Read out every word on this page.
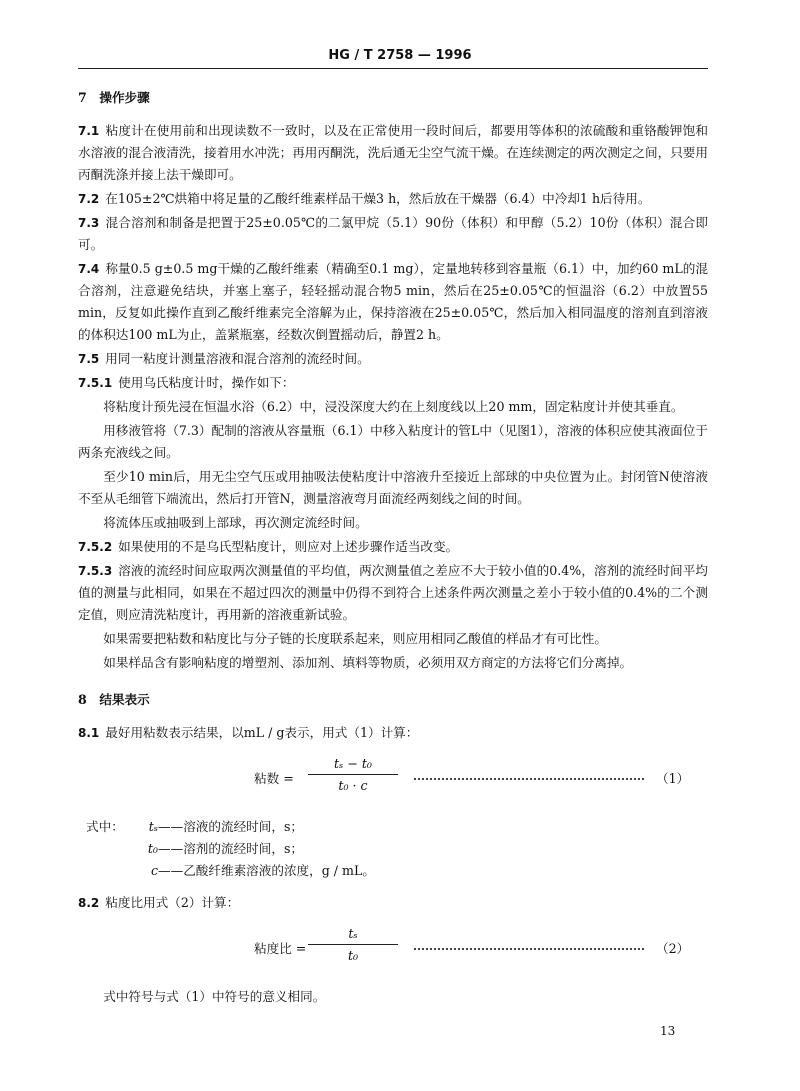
HG / T 2758 — 1996
7　操作步骤

7.1 粘度计在使用前和出现读数不一致时，以及在正常使用一段时间后，都要用等体积的浓硫酸和重铬酸钾饱和水溶液的混合液清洗，接着用水冲洗；再用丙酮洗，洗后通无尘空气流干燥。在连续测定的两次测定之间，只要用丙酮洗涤并接上法干燥即可。

7.2 在105±2℃烘箱中将足量的乙酸纤维素样品干燥3 h，然后放在干燥器（6.4）中冷却1 h后待用。

7.3 混合溶剂和制备是把置于25±0.05℃的二氯甲烷（5.1）90份（体积）和甲醇（5.2）10份（体积）混合即可。

7.4 称量0.5 g±0.5 mg干燥的乙酸纤维素（精确至0.1 mg），定量地转移到容量瓶（6.1）中，加约60 mL的混合溶剂，注意避免结块，并塞上塞子，轻轻摇动混合物5 min，然后在25±0.05℃的恒温浴（6.2）中放置55 min，反复如此操作直到乙酸纤维素完全溶解为止，保持溶液在25±0.05℃，然后加入相同温度的溶剂直到溶液的体积达100 mL为止，盖紧瓶塞，经数次倒置摇动后，静置2 h。

7.5 用同一粘度计测量溶液和混合溶剂的流经时间。

7.5.1 使用乌氏粘度计时，操作如下：

将粘度计预先浸在恒温水浴（6.2）中，浸没深度大约在上刻度线以上20 mm，固定粘度计并使其垂直。

用移液管将（7.3）配制的溶液从容量瓶（6.1）中移入粘度计的管L中（见图1），溶液的体积应使其液面位于两条充液线之间。

至少10 min后，用无尘空气压或用抽吸法使粘度计中溶液升至接近上部球的中央位置为止。封闭管N使溶液不至从毛细管下端流出，然后打开管N，测量溶液弯月面流经两刻线之间的时间。

将流体压或抽吸到上部球，再次测定流经时间。

7.5.2 如果使用的不是乌氏型粘度计，则应对上述步骤作适当改变。

7.5.3 溶液的流经时间应取两次测量值的平均值，两次测量值之差应不大于较小值的0.4%，溶剂的流经时间平均值的测量与此相同，如果在不超过四次的测量中仍得不到符合上述条件两次测量之差小于较小值的0.4%的二个测定值，则应清洗粘度计，再用新的溶液重新试验。

如果需要把粘数和粘度比与分子链的长度联系起来，则应用相同乙酸值的样品才有可比性。

如果样品含有影响粘度的增塑剂、添加剂、填料等物质，必须用双方商定的方法将它们分离掉。

8　结果表示

8.1 最好用粘数表示结果，以mL / g表示，用式（1）计算：

粘数 = $\frac{\text{tₛ − t₀}}{\text{t₀ · c}}$	（1）
式中：	tₛ ——溶液的流经时间，s；
t₀ ——溶剂的流经时间，s；
c ——乙酸纤维素溶液的浓度，g / mL。

8.2 粘度比用式（2）计算：

粘度比 = $\frac{\text{tₛ}}{\text{t₀}}$	（2）

式中符号与式（1）中符号的意义相同。

13
